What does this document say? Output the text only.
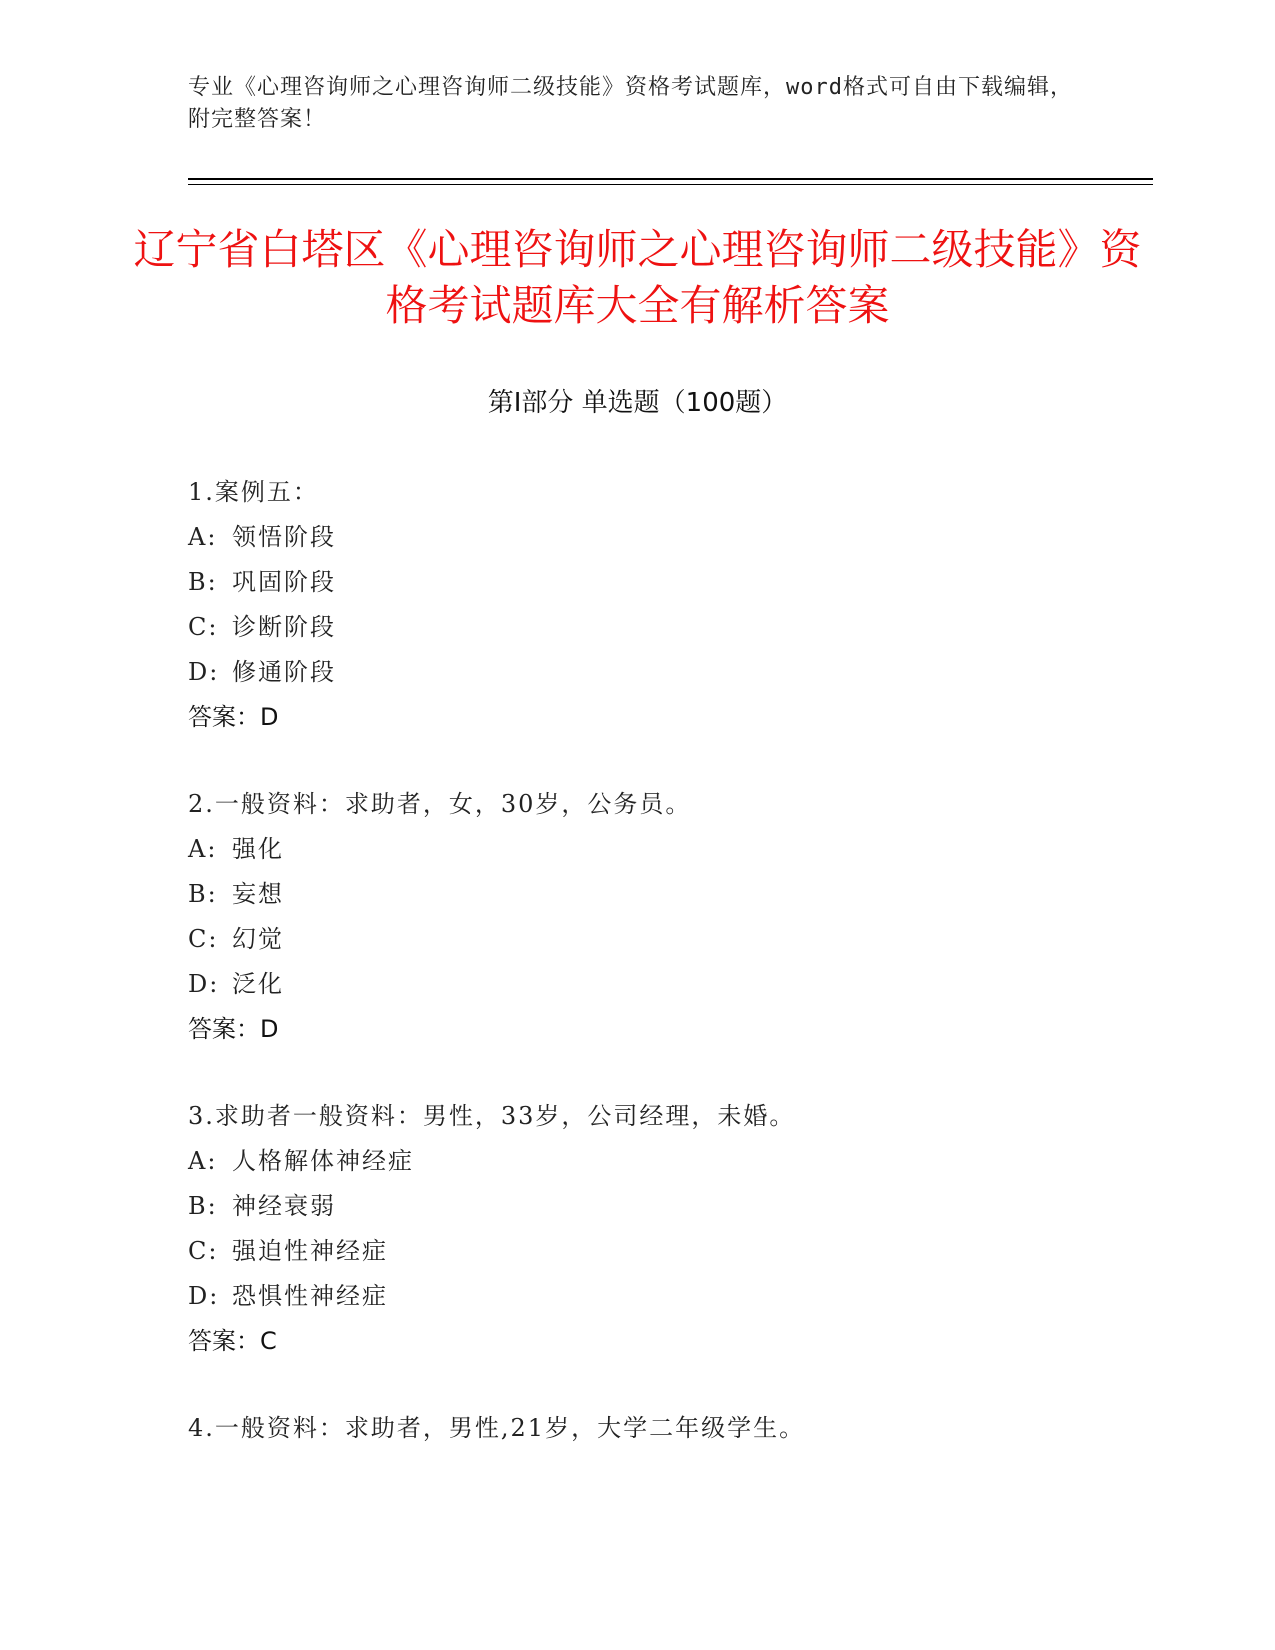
专业《心理咨询师之心理咨询师二级技能》资格考试题库，word格式可自由下载编辑，附完整答案！
辽宁省白塔区《心理咨询师之心理咨询师二级技能》资格考试题库大全有解析答案
第Ⅰ部分 单选题（100题）
1.案例五：
A: 领悟阶段
B: 巩固阶段
C: 诊断阶段
D: 修通阶段
答案：D
2.一般资料：求助者，女，30岁，公务员。
A: 强化
B: 妄想
C: 幻觉
D: 泛化
答案：D
3.求助者一般资料：男性，33岁，公司经理，未婚。
A: 人格解体神经症
B: 神经衰弱
C: 强迫性神经症
D: 恐惧性神经症
答案：C
4.一般资料：求助者，男性,21岁，大学二年级学生。
